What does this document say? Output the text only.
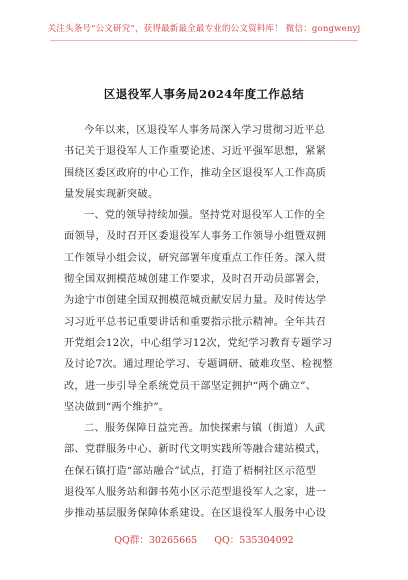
关注头条号“公文研究”，获得最新最全最专业的公文资料库！ 微信：gongwenyj
区退役军人事务局2024年度工作总结
今年以来，区退役军人事务局深入学习贯彻习近平总
书记关于退役军人工作重要论述、习近平强军思想，紧紧
围绕区委区政府的中心工作，推动全区退役军人工作高质
量发展实现新突破。
一、党的领导持续加强。坚持党对退役军人工作的全
面领导，及时召开区委退役军人事务工作领导小组暨双拥
工作领导小组会议，研究部署年度重点工作任务。深入贯
彻全国双拥模范城创建工作要求，及时召开动员部署会，
为途宁市创建全国双拥模范城贡献安居力量。及时传达学
习习近平总书记重要讲话和重要指示批示精神。全年共召
开党组会12次，中心组学习12次，党纪学习教育专题学习
及讨论7次。通过理论学习、专题调研、破难攻坚、检视整
改，进一步引导全系统党员干部坚定拥护“两个确立”、
坚决做到“两个维护”。
二、服务保障日益完善。加快探索与镇（街道）人武
部、党群服务中心、新时代文明实践所等融合建站模式，
在保石镇打造“部站融合”试点，打造了梧桐社区示范型
退役军人服务站和御书苑小区示范型退役军人之家，进一
步推动基层服务保障体系建设。在区退役军人服务中心设
QQ群：30265665 QQ：535304092
